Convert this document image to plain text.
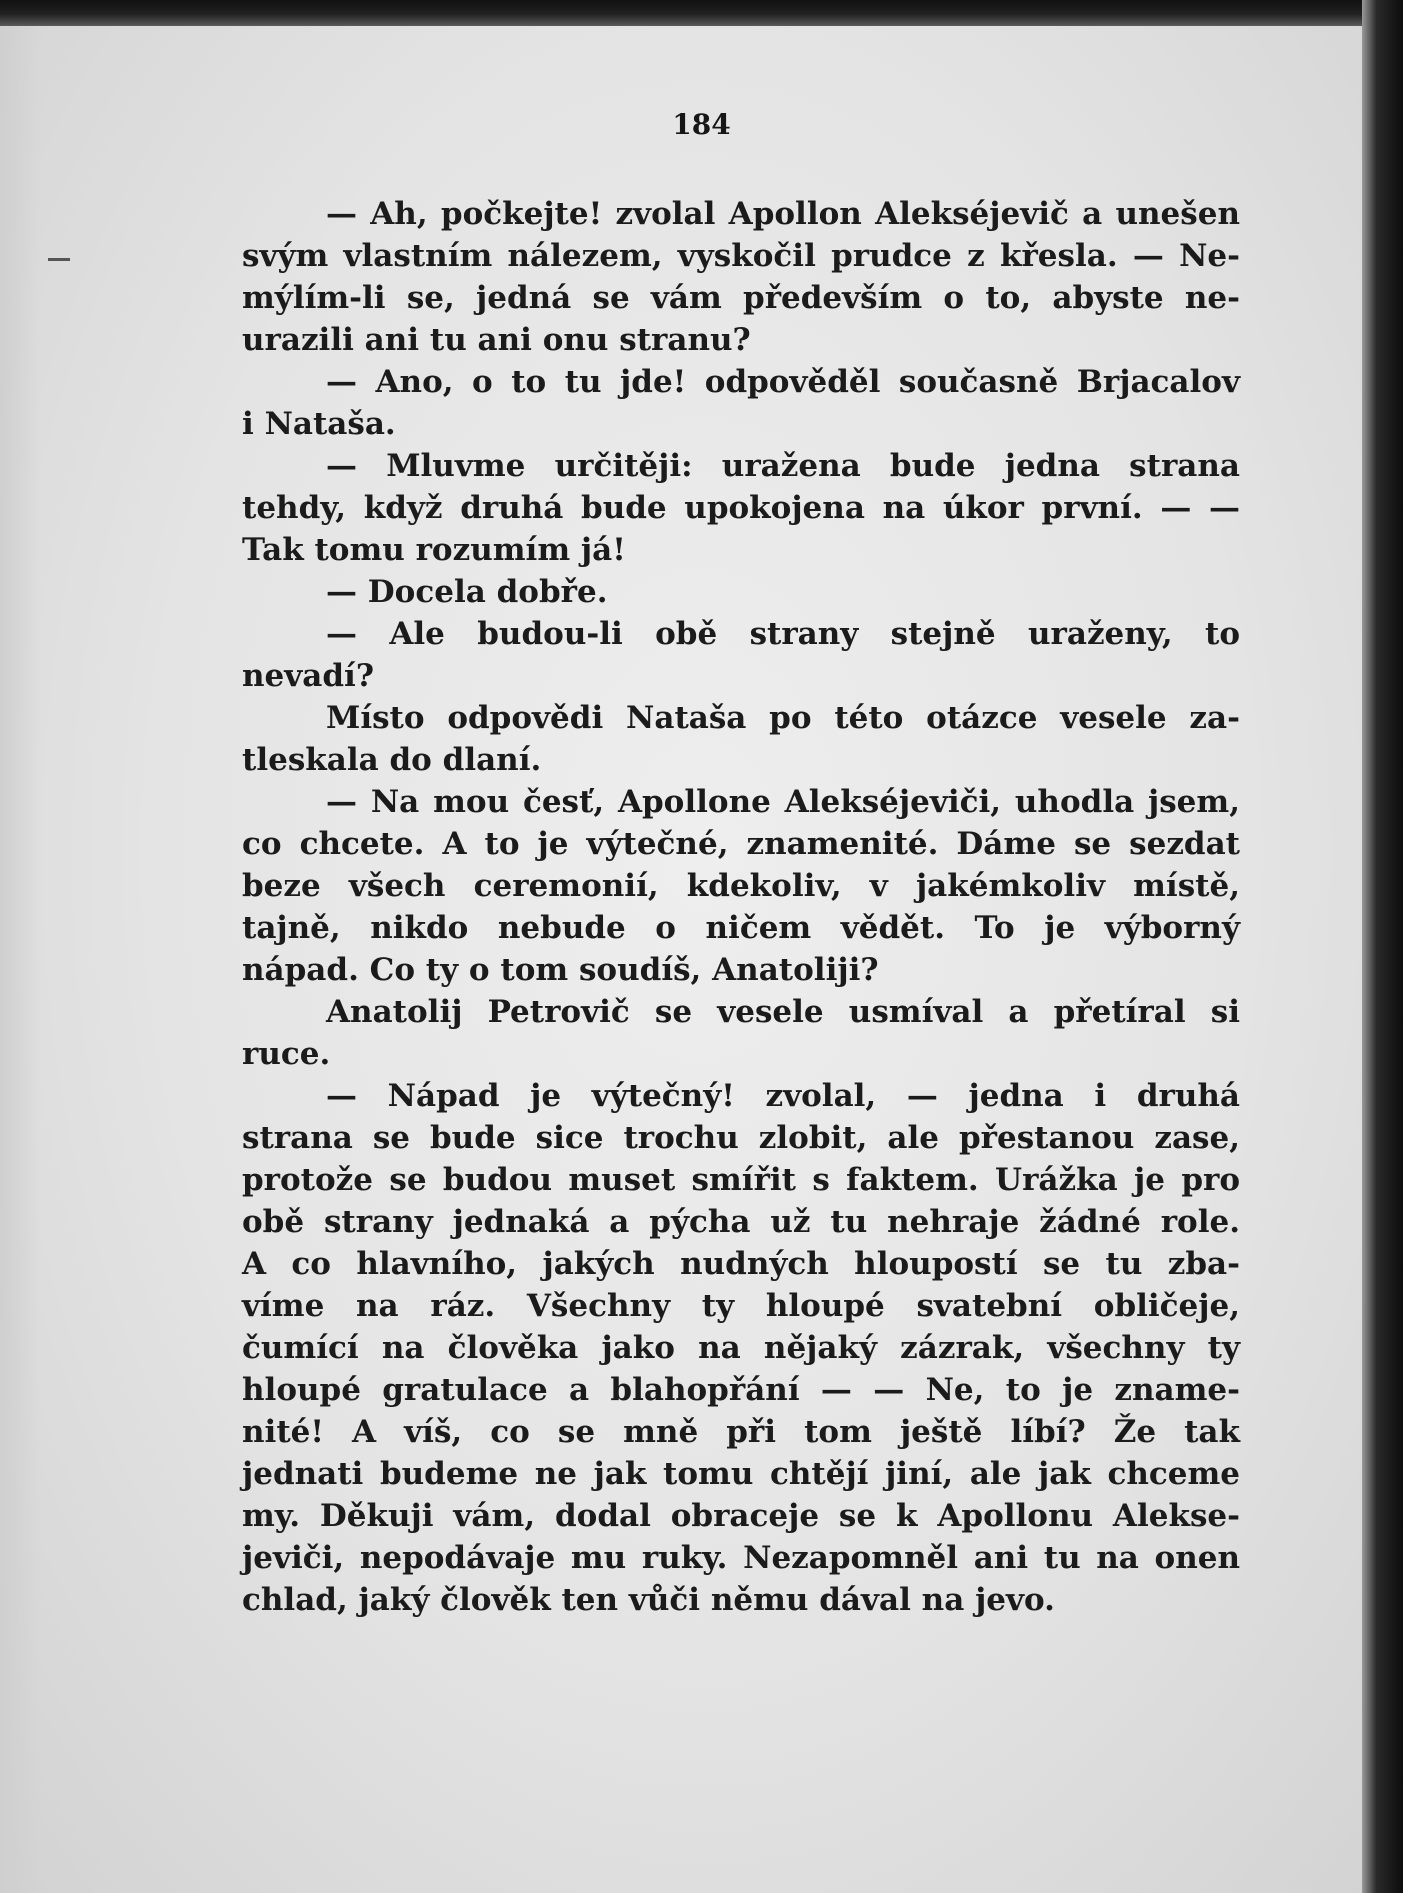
184
— Ah, počkejte! zvolal Apollon Alekséjevič a unešen
svým vlastním nálezem, vyskočil prudce z křesla. — Ne-
mýlím-li se, jedná se vám především o to, abyste ne-
urazili ani tu ani onu stranu?
— Ano, o to tu jde! odpověděl současně Brjacalov
i Nataša.
— Mluvme určitěji: uražena bude jedna strana
tehdy, když druhá bude upokojena na úkor první. — —
Tak tomu rozumím já!
— Docela dobře.
— Ale budou-li obě strany stejně uraženy, to
nevadí?
Místo odpovědi Nataša po této otázce vesele za-
tleskala do dlaní.
— Na mou česť, Apollone Alekséjeviči, uhodla jsem,
co chcete. A to je výtečné, znamenité. Dáme se sezdat
beze všech ceremonií, kdekoliv, v jakémkoliv místě,
tajně, nikdo nebude o ničem vědět. To je výborný
nápad. Co ty o tom soudíš, Anatoliji?
Anatolij Petrovič se vesele usmíval a přetíral si
ruce.
— Nápad je výtečný! zvolal, — jedna i druhá
strana se bude sice trochu zlobit, ale přestanou zase,
protože se budou muset smířit s faktem. Urážka je pro
obě strany jednaká a pýcha už tu nehraje žádné role.
A co hlavního, jakých nudných hloupostí se tu zba-
víme na ráz. Všechny ty hloupé svatební obličeje,
čumící na člověka jako na nějaký zázrak, všechny ty
hloupé gratulace a blahopřání — — Ne, to je zname-
nité! A víš, co se mně při tom ještě líbí? Že tak
jednati budeme ne jak tomu chtějí jiní, ale jak chceme
my. Děkuji vám, dodal obraceje se k Apollonu Alekse-
jeviči, nepodávaje mu ruky. Nezapomněl ani tu na onen
chlad, jaký člověk ten vůči němu dával na jevo.
